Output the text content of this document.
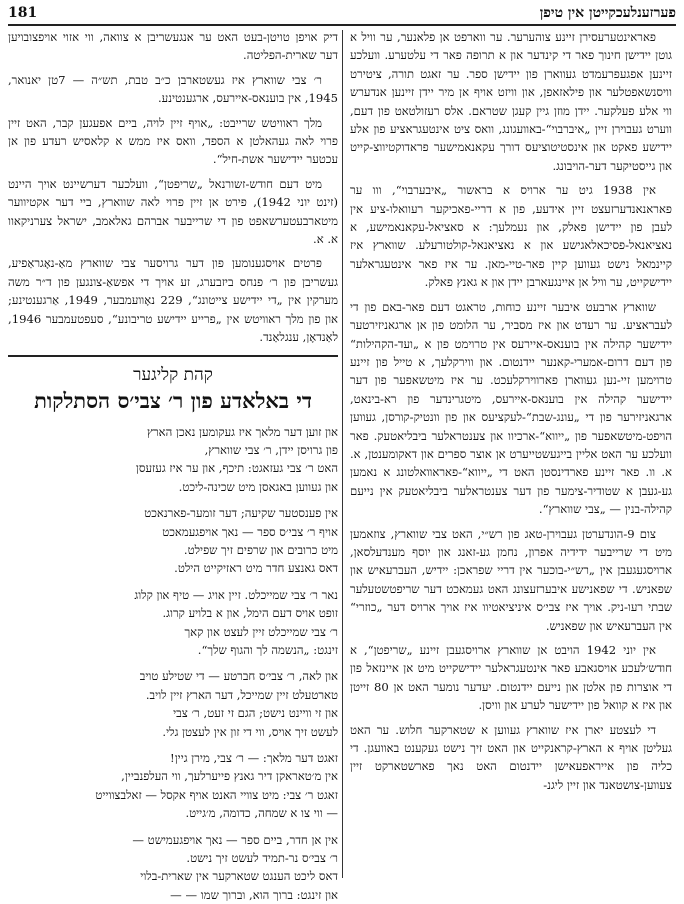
181	פערזענלעכקייטן אין טיפן

פאראינטערעסירן זיינע צוהערער. ער ווארפט אן פלאנער, ער וויל א גוטן יידישן חינוך פאר די קינדער און א תרופה פאר די עלטערע. וועלכע זיינען אפגעפרעמדט געווארן פון יידישן ספר. ער זאגט תורה, ציטירט וויסנשאפטלער און פילאזאפן, און וויזט אויף אן מיר יידן זיינען אנדערש ווי אלע פעלקער. יידן מוזן גיין קעגן שטראם. אלס רעזולטאט פון דעם, ווערט געבוירן זיין „איברבוי“-באוועגונג, וואס ציט אינטעגראציע פון אלע יידישע פאקט און אינסטיטוציעס דורך עקאנאמישער פראדוקטיווצ-קייט און גייסטיקער דער-הויבונג.

אין 1938 גיט ער ארויס א בראשור „איבערבוי“, ווו ער פאראנאנדערזעצט זיין אידעע, פון א דריי-פאכיקער רעוואלו-ציע אין לעבן פון יידישן פאלק, און נעמלעך: א סאציאל-עקאנאמישע, א נאציאנאל-פסיכאלאגישע און א נאציאנאל-קולטורעלע. שווארץ איז קיינמאל נישט געווען קיין פאר-טיי-מאן. ער איז פאר אינטעגראלער יידישקייט, ער וויל אן איינגעארבן יידן און א גאנץ פאלק.

שווארץ ארבעט איבער זיינע כוחות, טראגט דעם פאר-באם פון די לעבראציע. ער רעדט און איז מסביר, ער הלומט פון אן ארגאניזירטער יידישער קהילה אין בוענאס-איירעס אין טרוימט פון א „ועד-הקהילות“ פון דעם דרום-אמערי-קאנער יידנטום. און ווירקלעך, א טייל פון זיינע טרוימען זיי-נען געווארן פארווירקלעכט. ער איז מיטשאפער פון דער יידישער קהילה אין בוענאס-איירעס, מיטגרינדער פון רא-בינאט, ארגאניזירער פון די „עונג-שבת“-לעקציעס און פון וונטיק-קורסן, געווען הויפט-מיטשאפער פון „ייווא“-ארכיוו און צענטראלער ביבליאטעק. פאר וועלכע ער האט אליין בייגעשטייערט אן אוצר ספרים און דאקומענטן, א. א. וו. פאר זיינע פארדינסטן האט די „ייווא“-פאראוואלטונג א נאמען גע-געבן א שטודיר-צימער פון דער צענטראלער ביבליאטעק אין נייעם קהילה-בנין — „צבי שווארץ“.

צום 9-הונדערטן געבוירן-טאג פון רש״י, האט צבי שווארץ, צוזאמען מיט די שרייבער ידידיה אפרון, נחמן גע-זאנג און יוסף מענדעלסאן, ארויסגעגעבן אין „רש״י-בוכער אין דריי שפראכן: יידיש, העברעאיש און שפאניש. די שפאנישע איבערזעצונג האט געמאכט דער שריפטשטעלער שבתי רעו-ניק. אויך איז צבי׳ס איניציאטיוו איז אויך ארויס דער „כוזרי“ אין העברעאיש און שפאניש.

אין יוני 1942 הויבט אן שווארץ ארויסגעבן זיינע „שריפטן“, א חודש׳לעכע אויסגאבע פאר אינטעגראלער יידישקייט מיט אן איינזאל פון די אוצרות פון אלטן און נייעם יידנטום. יעדער נומער האט אן 80 זייטן און איז א קוואל פון יידישער לערע און וויסן.

די לעצטע יארן איז שווארץ געווען א שטארקער חלוש. ער האט געליטן אויף א הארץ-קראנקייט און האט זיך נישט געקענט באוועגן. די כליה פון אייראפעאישן יידנטום האט נאך פארשטארקט זיין צעווען-צושטאנד און זיין ליגנ-

דיק אויפן טויטן-בעט האט ער אנגעשריבן א צוואה, ווי אזוי אויפצובויען דער שארית-הפליטה.

ר׳ צבי שווארץ איז געשטארבן כ״ב טבת, תש״ה — 7טן יאנואר, 1945, אין בוענאס-איירעס, ארגענטינע.

מלך ראוויטש שרייבט: „אויף זיין לויה, ביים אפעגען קבר, האט זיין פרוי לאה געהאלטן א הספד, וואס איז ממש א קלאסיש רעדע פון אן עכטער יידישער אשת-חיל“.

מיט דעם חודש-זשורנאל „שריפטן“, וועלכער דערשיינט אויך היינט (זינט יוני 1942), פירט אן זיין פרוי לאה שווארץ, ביי דער אקטיווער מיטארבעטערשאפט פון די שרייבער אברהם גאלאמב, ישראל צערניקאוו א. א.

פרטים אויסגענומען פון דער גרויסער צבי שווארץ מאַ-נאָגראַפיע, געשריבן פון ר׳ פנחס ביזבערג, זע אויך די אפשאַ-צונגען פון ד״ר משה מערקין אין „די יידישע צייטונג“, 229 נאָוועמבער, 1949, אַרגענטינע; און פון מלך ראוויטש אין „פרייע יידישע טריבונע“, סעפטעמבער 1946, לאַנדאָן, ענגלאַנד.

קהת קליגער

די באלאדע פון ר׳ צבי׳ס הסתלקות

און זוען דער מלאך איז געקומען נאכן הארץ
פון גרויסן יידן, ר׳ צבי שווארץ,
האט ר׳ צבי געזאגט: תיכף, און ער איז געזעסן
און געווען באגאסן מיט שכינה-ליכט.
אין פענסטער שקיעה; דער זומער-פארנאכט
אויף ר׳ צבי׳ס ספר — נאך אויפגעמאכט
מיט כרובים און שרפים זיך שפילט.
דאס גאנצע חדר מיט ראזיקייט הילט.
נאר ר׳ צבי שמייכלט. זיין אויג — טיף און קלוג
זופט אויס דעם הימל, און א בלויע קרוג.
ר׳ צבי שמייכלט זיין לעצט און קאך
זינגט: „הנשמה לך והגוף שלך“.
און לאה, ר׳ צבי׳ס חברטע — די שטילע טויב
טארטעלט זיין שמייכל, דער הארץ זיין לויב.
און זי וויינט נישט; הגם זי זעט, ר׳ צבי
לעשט זיך אויס, ווי די זון אין לעצטן גלי.
זאגט דער מלאך: — ר׳ צבי, מירן גיין!
אין מ׳טאראקן דיר גאנץ פייערלעך, ווי העלפנביין,
זאגט ר׳ צבי: מיט צוויי האנט אויף אקסל — זאלבצווייט
— ווי צו א שמחה, כדומה, מ׳גייט.
אין אן חדר, ביים ספר — נאך אויפגעמישט —
ר׳ צבי׳ס נר-תמיד לעשט זיך נישט.
דאס ליכט הענגט שטארקער אין שארית-בלוי
און זינגט: ברוך הוא, וברוך שמו — —
